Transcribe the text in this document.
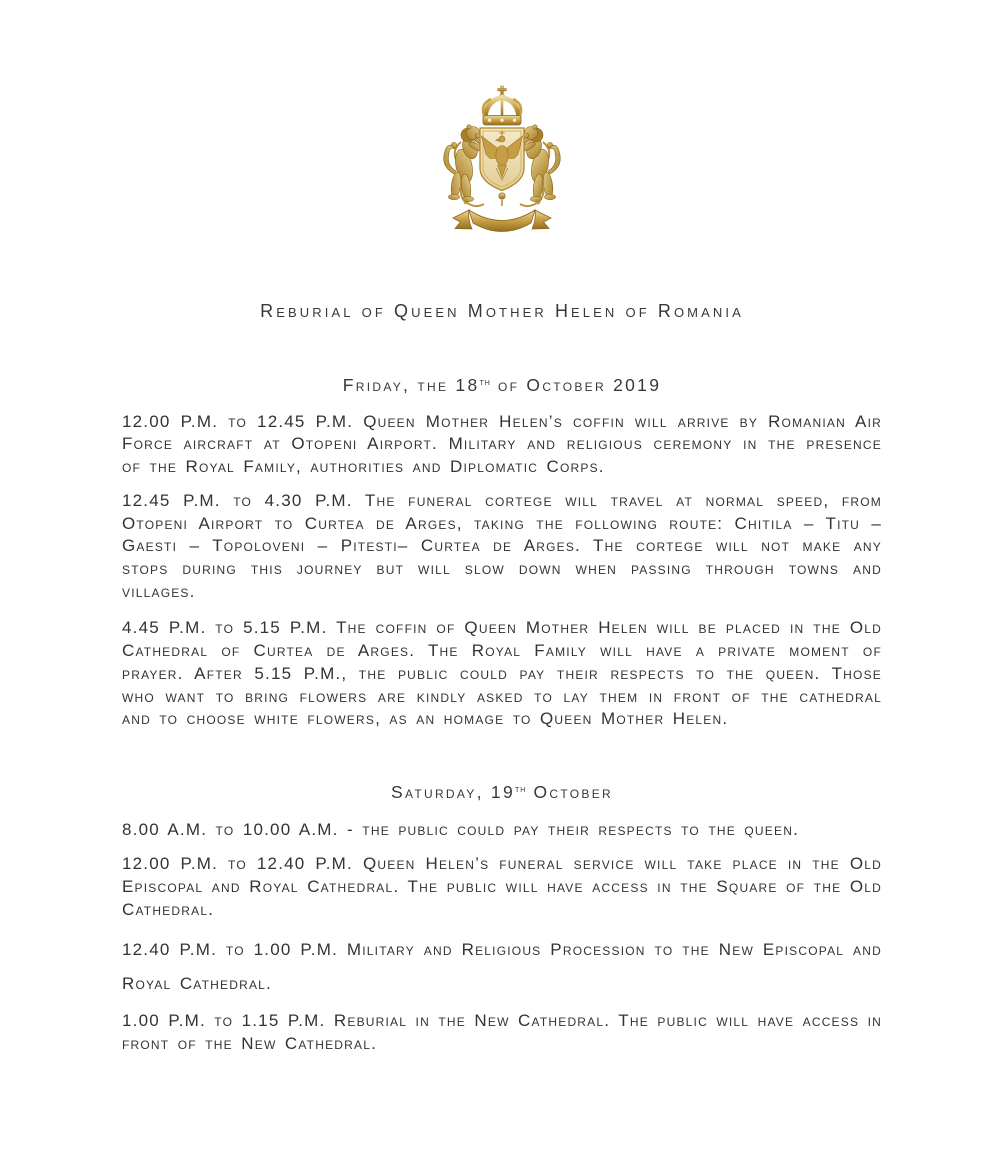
Reburial of Queen Mother Helen of Romania
Friday, the 18th of October 2019

12.00 P.M. to 12.45 P.M. Queen Mother Helen’s coffin will arrive by Romanian Air Force aircraft at Otopeni Airport. Military and religious ceremony in the presence of the Royal Family, authorities and Diplomatic Corps.

12.45 P.M. to 4.30 P.M. The funeral cortege will travel at normal speed, from Otopeni Airport to Curtea de Arges, taking the following route: Chitila – Titu – Gaesti – Topoloveni – Pitesti– Curtea de Arges. The cortege will not make any stops during this journey but will slow down when passing through towns and villages.

4.45 P.M. to 5.15 P.M. The coffin of Queen Mother Helen will be placed in the Old Cathedral of Curtea de Arges. The Royal Family will have a private moment of prayer. After 5.15 P.M., the public could pay their respects to the queen. Those who want to bring flowers are kindly asked to lay them in front of the cathedral and to choose white flowers, as an homage to Queen Mother Helen.

Saturday, 19th October

8.00 A.M. to 10.00 A.M. - the public could pay their respects to the queen.

12.00 P.M. to 12.40 P.M. Queen Helen’s funeral service will take place in the Old Episcopal and Royal Cathedral. The public will have access in the Square of the Old Cathedral.

12.40 P.M. to 1.00 P.M. Military and Religious Procession to the New Episcopal and Royal Cathedral.

1.00 P.M. to 1.15 P.M. Reburial in the New Cathedral. The public will have access in front of the New Cathedral.
